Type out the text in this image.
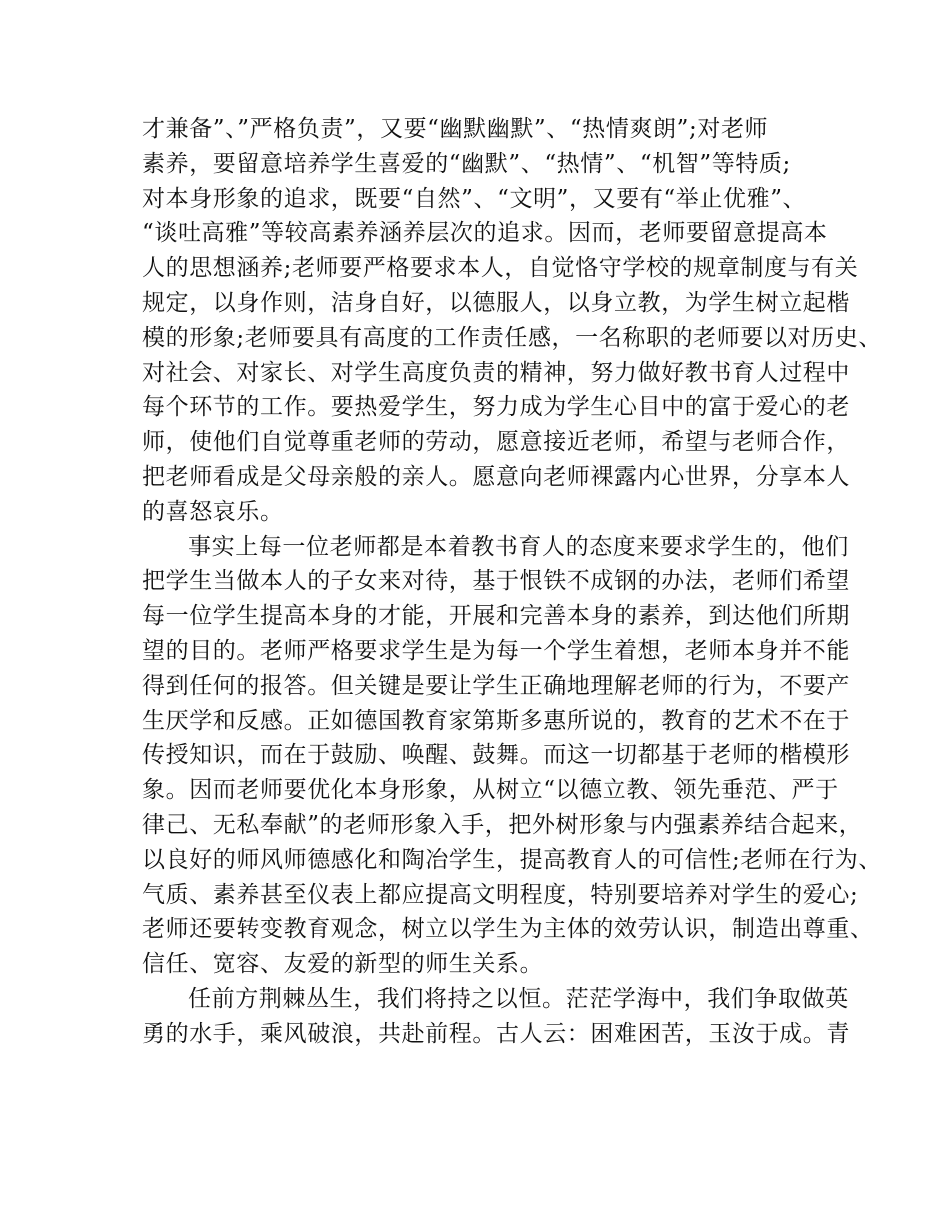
才兼备”、”严格负责”，又要“幽默幽默”、“热情爽朗”;对老师
素养，要留意培养学生喜爱的“幽默”、“热情”、“机智”等特质;
对本身形象的追求，既要“自然”、“文明”，又要有“举止优雅”、
“谈吐高雅”等较高素养涵养层次的追求。因而，老师要留意提高本
人的思想涵养;老师要严格要求本人，自觉恪守学校的规章制度与有关
规定，以身作则，洁身自好，以德服人，以身立教，为学生树立起楷
模的形象;老师要具有高度的工作责任感，一名称职的老师要以对历史、
对社会、对家长、对学生高度负责的精神，努力做好教书育人过程中
每个环节的工作。要热爱学生，努力成为学生心目中的富于爱心的老
师，使他们自觉尊重老师的劳动，愿意接近老师，希望与老师合作，
把老师看成是父母亲般的亲人。愿意向老师裸露内心世界，分享本人
的喜怒哀乐。
事实上每一位老师都是本着教书育人的态度来要求学生的，他们
把学生当做本人的子女来对待，基于恨铁不成钢的办法，老师们希望
每一位学生提高本身的才能，开展和完善本身的素养，到达他们所期
望的目的。老师严格要求学生是为每一个学生着想，老师本身并不能
得到任何的报答。但关键是要让学生正确地理解老师的行为，不要产
生厌学和反感。正如德国教育家第斯多惠所说的，教育的艺术不在于
传授知识，而在于鼓励、唤醒、鼓舞。而这一切都基于老师的楷模形
象。因而老师要优化本身形象，从树立“以德立教、领先垂范、严于
律己、无私奉献”的老师形象入手，把外树形象与内强素养结合起来，
以良好的师风师德感化和陶冶学生，提高教育人的可信性;老师在行为、
气质、素养甚至仪表上都应提高文明程度，特别要培养对学生的爱心;
老师还要转变教育观念，树立以学生为主体的效劳认识，制造出尊重、
信任、宽容、友爱的新型的师生关系。
任前方荆棘丛生，我们将持之以恒。茫茫学海中，我们争取做英
勇的水手，乘风破浪，共赴前程。古人云：困难困苦，玉汝于成。青
